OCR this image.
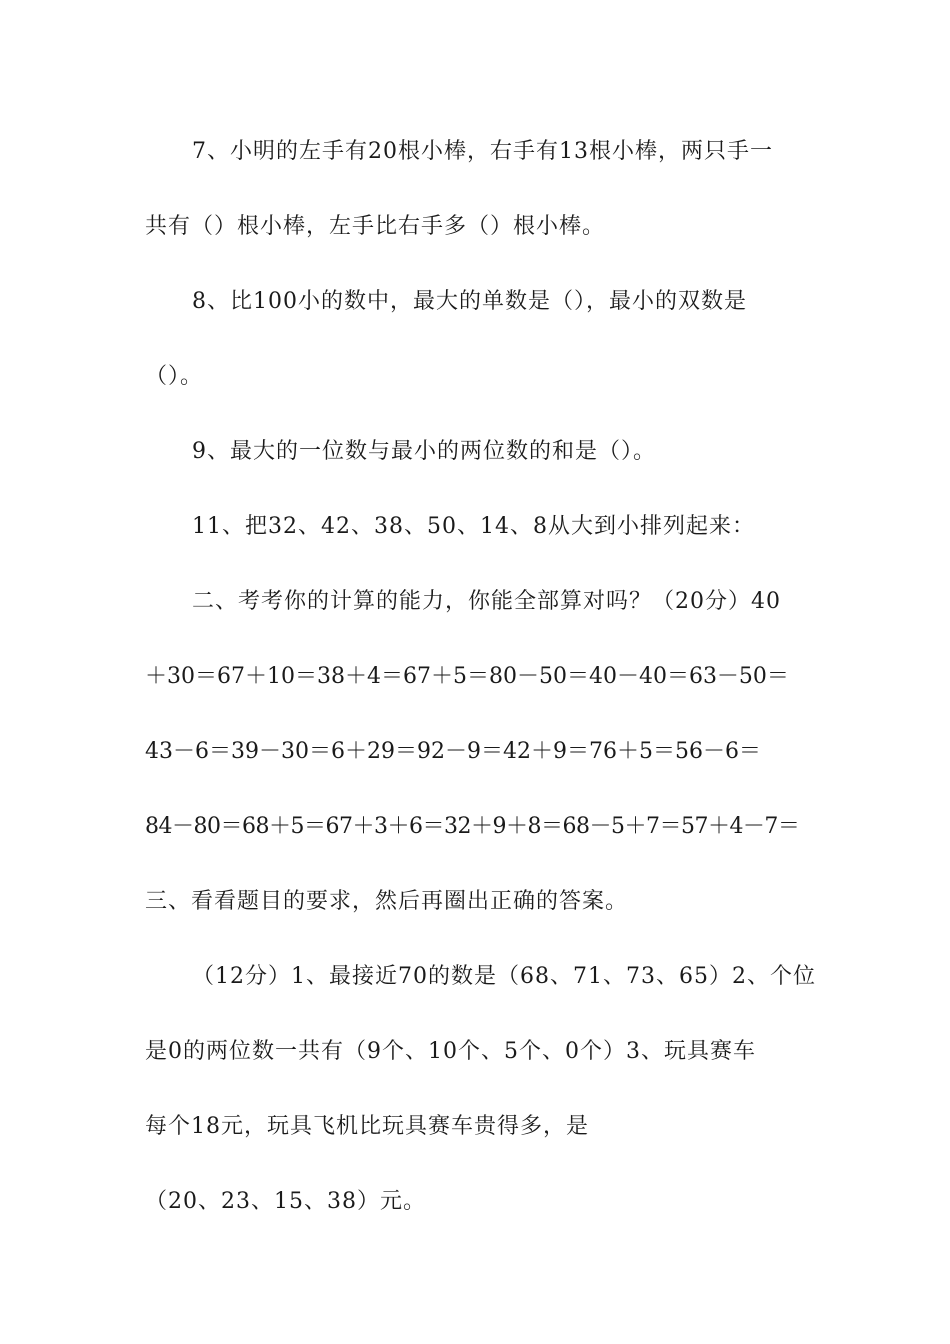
7、小明的左手有20根小棒，右手有13根小棒，两只手一
共有（）根小棒，左手比右手多（）根小棒。
8、比100小的数中，最大的单数是（），最小的双数是
（）。
9、最大的一位数与最小的两位数的和是（）。
11、把32、42、38、50、14、8从大到小排列起来：
二、考考你的计算的能力，你能全部算对吗？（20分）40
＋30＝67＋10＝38＋4＝67＋5＝80－50＝40－40＝63－50＝
43－6＝39－30＝6＋29＝92－9＝42＋9＝76＋5＝56－6＝
84－80＝68＋5＝67＋3＋6＝32＋9＋8＝68－5＋7＝57＋4－7＝
三、看看题目的要求，然后再圈出正确的答案。
（12分）1、最接近70的数是（68、71、73、65）2、个位
是0的两位数一共有（9个、10个、5个、0个）3、玩具赛车
每个18元，玩具飞机比玩具赛车贵得多，是
（20、23、15、38）元。
